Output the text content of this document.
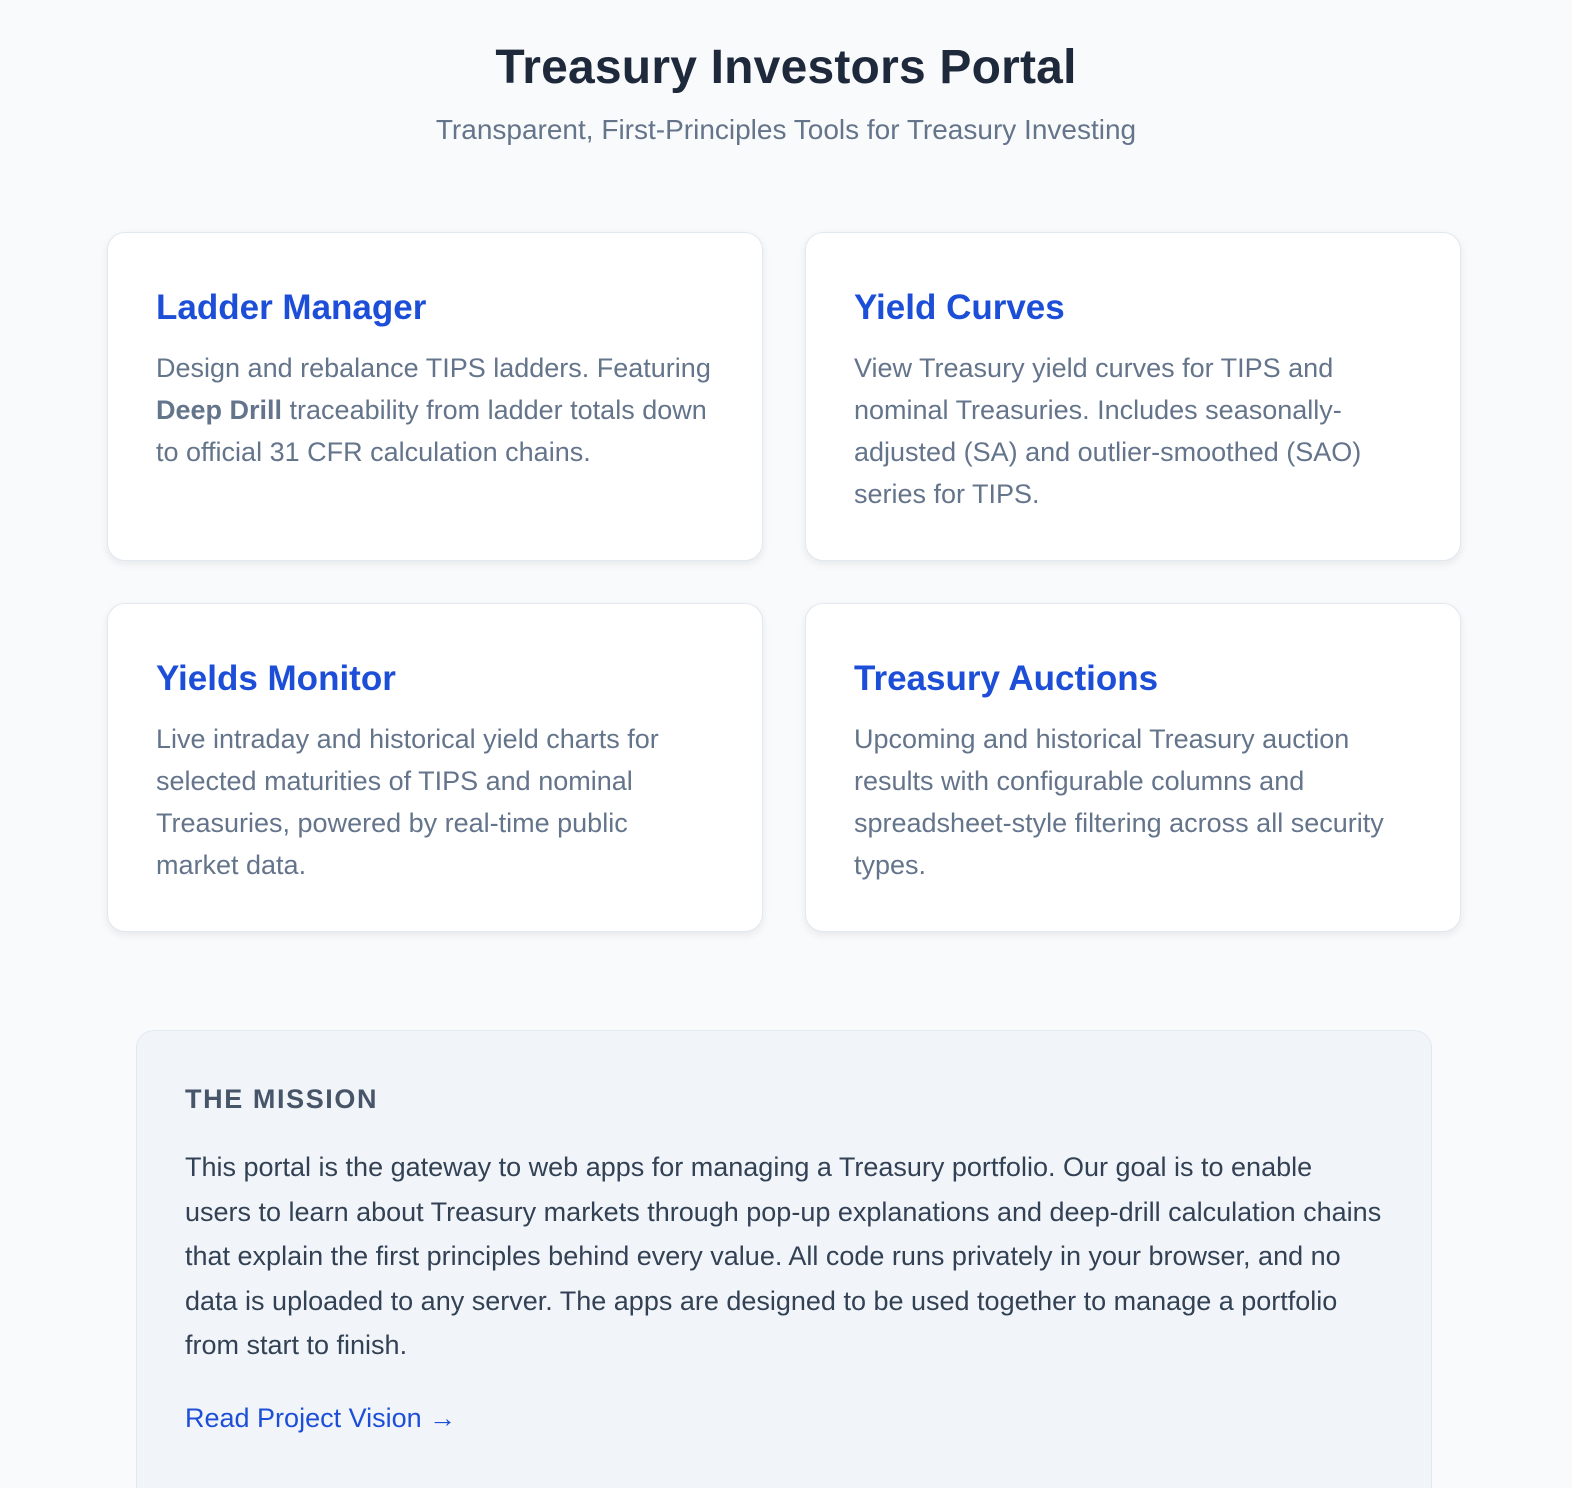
Treasury Investors Portal
Transparent, First-Principles Tools for Treasury Investing
Ladder Manager

Design and rebalance TIPS ladders. Featuring Deep Drill traceability from ladder totals down to official 31 CFR calculation chains.

Yield Curves

View Treasury yield curves for TIPS and nominal Treasuries. Includes seasonally-adjusted (SA) and outlier-smoothed (SAO) series for TIPS.

Yields Monitor

Live intraday and historical yield charts for selected maturities of TIPS and nominal Treasuries, powered by real-time public market data.

Treasury Auctions

Upcoming and historical Treasury auction results with configurable columns and spreadsheet-style filtering across all security types.

THE MISSION

This portal is the gateway to web apps for managing a Treasury portfolio. Our goal is to enable users to learn about Treasury markets through pop-up explanations and deep-drill calculation chains that explain the first principles behind every value. All code runs privately in your browser, and no data is uploaded to any server. The apps are designed to be used together to manage a portfolio from start to finish.

Read Project Vision →
